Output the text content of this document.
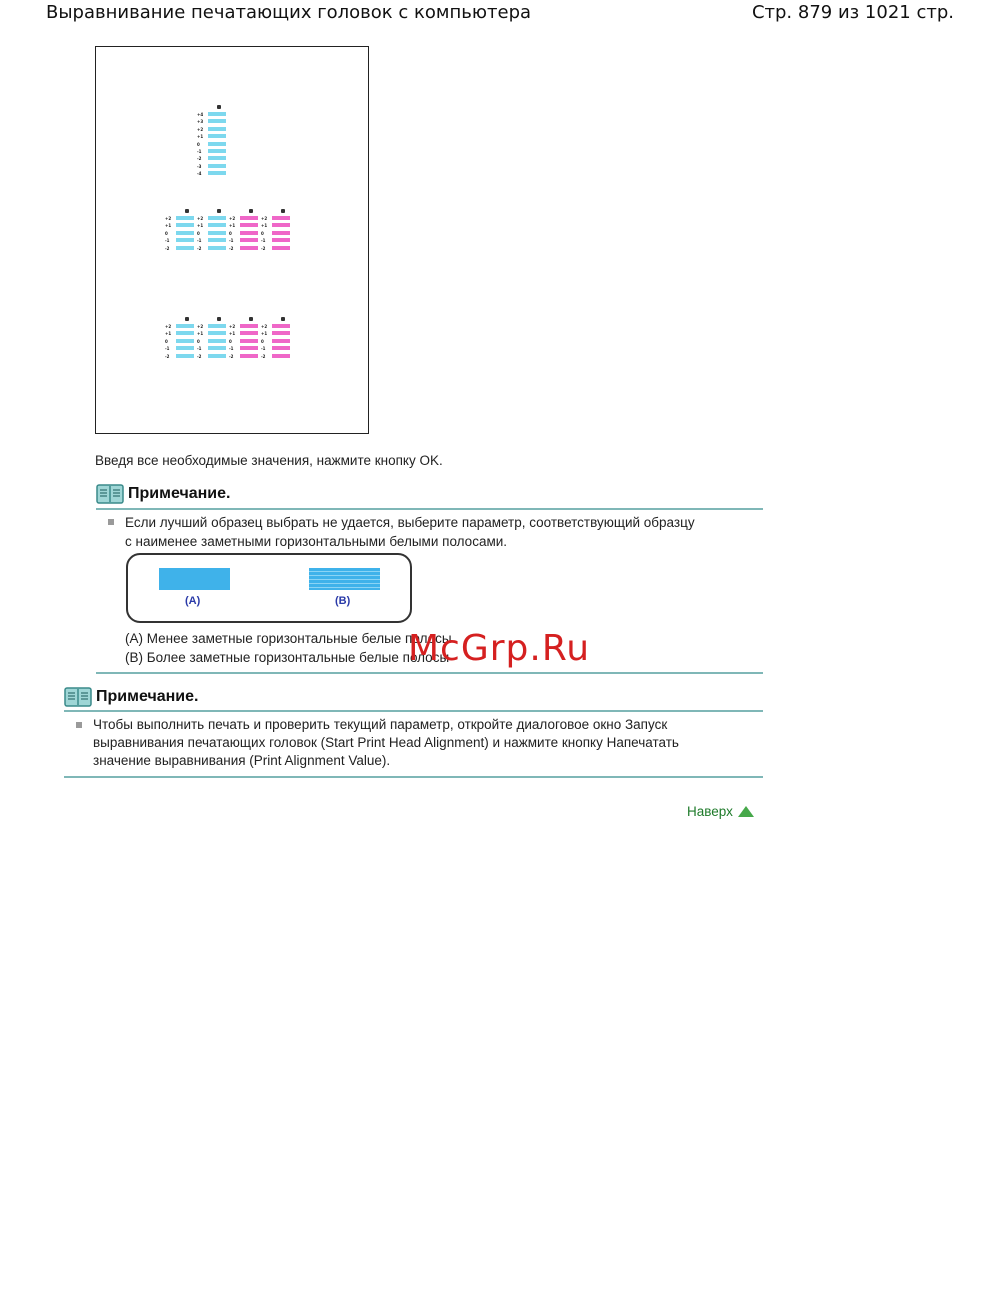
Выравнивание печатающих головок с компьютера	Стр. 879 из 1021 стр.
+4
+3
+2
+1
0
-1
-2
-3
-4
+2
+1
0
-1
-2
+2
+1
0
-1
-2
+2
+1
0
-1
-2
+2
+1
0
-1
-2
+2
+1
0
-1
-2
+2
+1
0
-1
-2
+2
+1
0
-1
-2
+2
+1
0
-1
-2
Введя все необходимые значения, нажмите кнопку OK.
Примечание.
Если лучший образец выбрать не удается, выберите параметр, соответствующий образцу
с наименее заметными горизонтальными белыми полосами.
(A)	(B)
(A) Менее заметные горизонтальные белые полосы
(B) Более заметные горизонтальные белые полосы
Примечание.
Чтобы выполнить печать и проверить текущий параметр, откройте диалоговое окно Запуск
выравнивания печатающих головок (Start Print Head Alignment) и нажмите кнопку Напечатать
значение выравнивания (Print Alignment Value).
McGrp.Ru
Наверх
